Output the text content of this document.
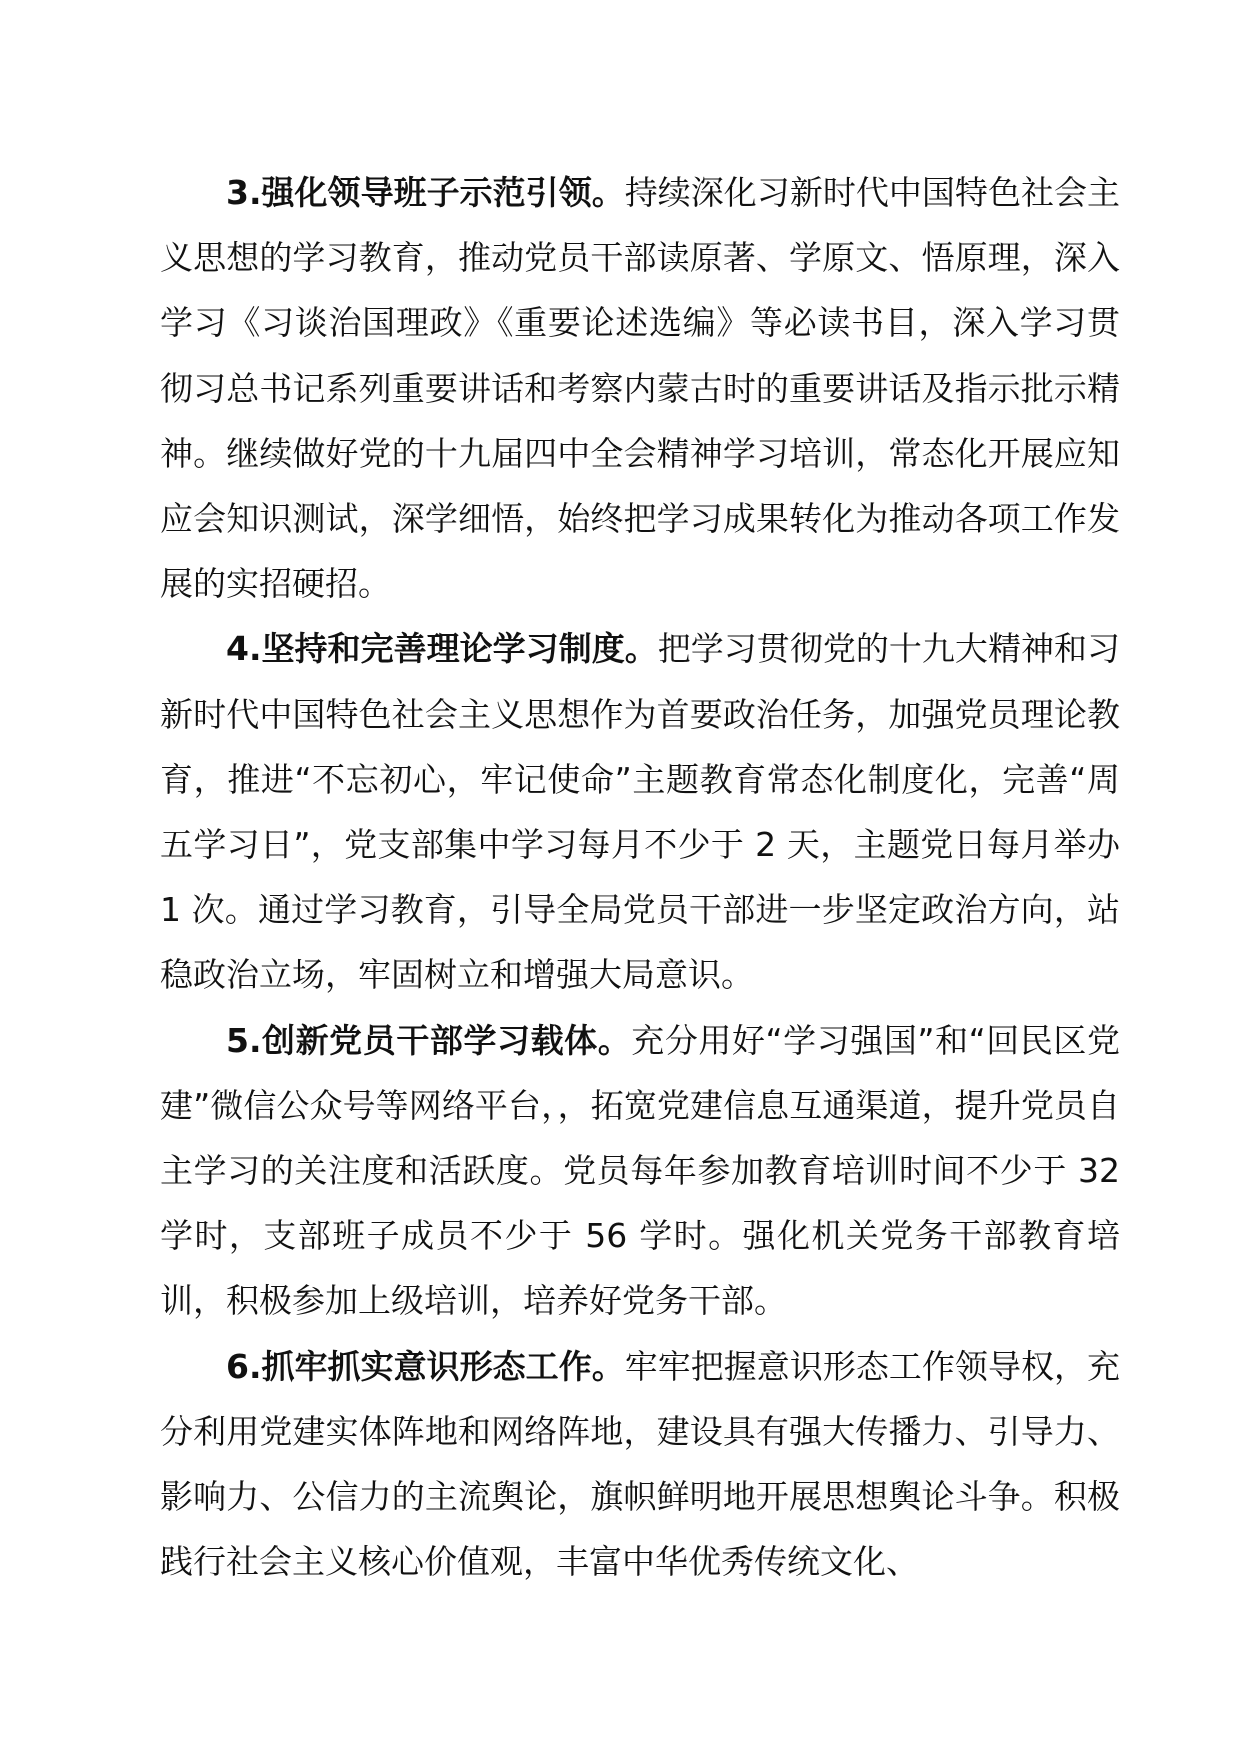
3.强化领导班子示范引领。持续深化习新时代中国特色社会主义思想的学习教育，推动党员干部读原著、学原文、悟原理，深入学习《习谈治国理政》《重要论述选编》等必读书目，深入学习贯彻习总书记系列重要讲话和考察内蒙古时的重要讲话及指示批示精神。继续做好党的十九届四中全会精神学习培训，常态化开展应知应会知识测试，深学细悟，始终把学习成果转化为推动各项工作发展的实招硬招。

4.坚持和完善理论学习制度。把学习贯彻党的十九大精神和习新时代中国特色社会主义思想作为首要政治任务，加强党员理论教育，推进“不忘初心，牢记使命”主题教育常态化制度化，完善“周五学习日”，党支部集中学习每月不少于 2 天，主题党日每月举办 1 次。通过学习教育，引导全局党员干部进一步坚定政治方向，站稳政治立场，牢固树立和增强大局意识。

5.创新党员干部学习载体。充分用好“学习强国”和“回民区党建”微信公众号等网络平台，，拓宽党建信息互通渠道，提升党员自主学习的关注度和活跃度。党员每年参加教育培训时间不少于 32 学时，支部班子成员不少于 56 学时。强化机关党务干部教育培训，积极参加上级培训，培养好党务干部。

6.抓牢抓实意识形态工作。牢牢把握意识形态工作领导权，充分利用党建实体阵地和网络阵地，建设具有强大传播力、引导力、影响力、公信力的主流舆论，旗帜鲜明地开展思想舆论斗争。积极践行社会主义核心价值观，丰富中华优秀传统文化、
